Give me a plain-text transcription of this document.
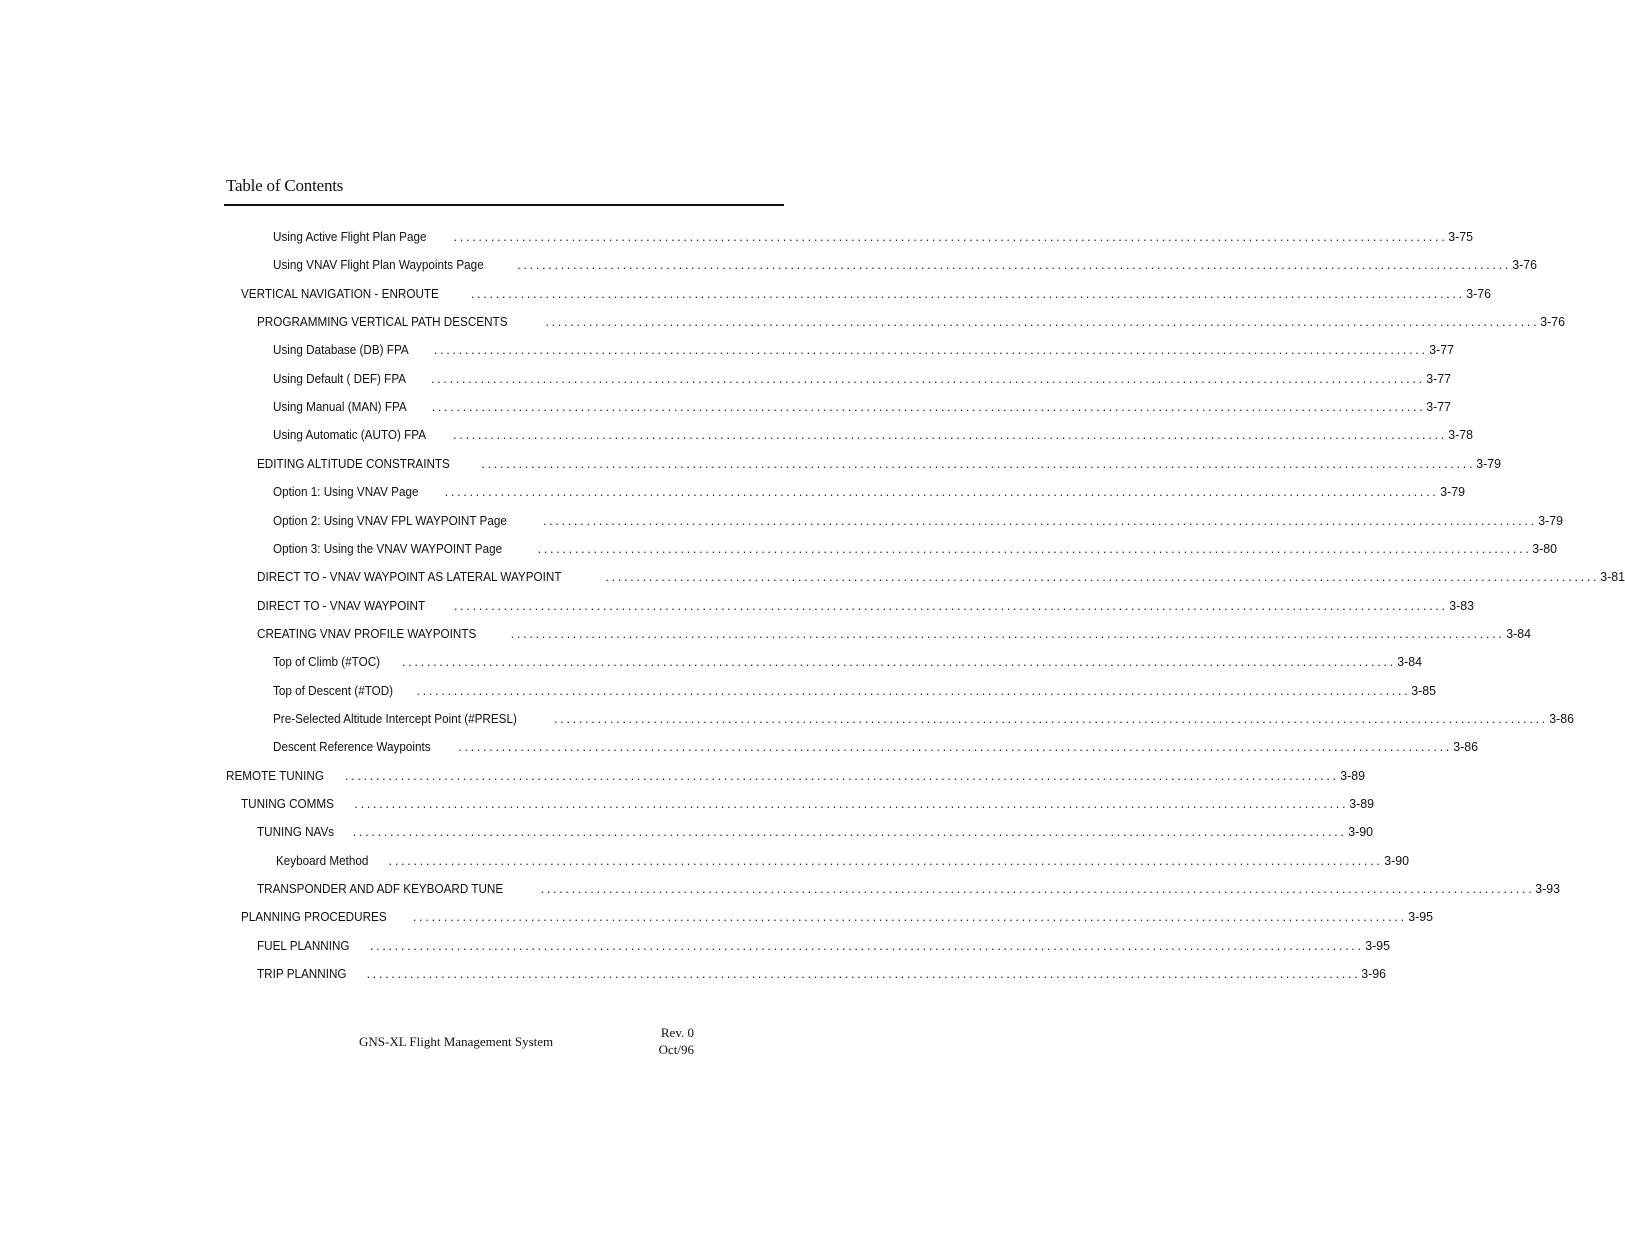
Table of Contents
Using Active Flight Plan Page	................................................................................................................................................................ 3-75
Using VNAV Flight Plan Waypoints Page	................................................................................................................................................................ 3-76
VERTICAL NAVIGATION - ENROUTE	................................................................................................................................................................ 3-76
PROGRAMMING VERTICAL PATH DESCENTS	................................................................................................................................................................ 3-76
Using Database (DB) FPA	................................................................................................................................................................ 3-77
Using Default ( DEF) FPA	................................................................................................................................................................ 3-77
Using Manual (MAN) FPA	................................................................................................................................................................ 3-77
Using Automatic (AUTO) FPA	................................................................................................................................................................ 3-78
EDITING ALTITUDE CONSTRAINTS	................................................................................................................................................................ 3-79
Option 1: Using VNAV Page	................................................................................................................................................................ 3-79
Option 2: Using VNAV FPL WAYPOINT Page	................................................................................................................................................................ 3-79
Option 3: Using the VNAV WAYPOINT Page	................................................................................................................................................................ 3-80
DIRECT TO - VNAV WAYPOINT AS LATERAL WAYPOINT	................................................................................................................................................................ 3-81
DIRECT TO - VNAV WAYPOINT	................................................................................................................................................................ 3-83
CREATING VNAV PROFILE WAYPOINTS	................................................................................................................................................................ 3-84
Top of Climb (#TOC)	................................................................................................................................................................ 3-84
Top of Descent (#TOD)	................................................................................................................................................................ 3-85
Pre-Selected Altitude Intercept Point (#PRESL)	................................................................................................................................................................ 3-86
Descent Reference Waypoints	................................................................................................................................................................ 3-86
REMOTE TUNING	................................................................................................................................................................ 3-89
TUNING COMMS	................................................................................................................................................................ 3-89
TUNING NAVs	................................................................................................................................................................ 3-90
Keyboard Method	................................................................................................................................................................ 3-90
TRANSPONDER AND ADF KEYBOARD TUNE	................................................................................................................................................................ 3-93
PLANNING PROCEDURES	................................................................................................................................................................ 3-95
FUEL PLANNING	................................................................................................................................................................ 3-95
TRIP PLANNING	................................................................................................................................................................ 3-96
GNS-XL Flight Management System
Rev. 0
Oct/96
